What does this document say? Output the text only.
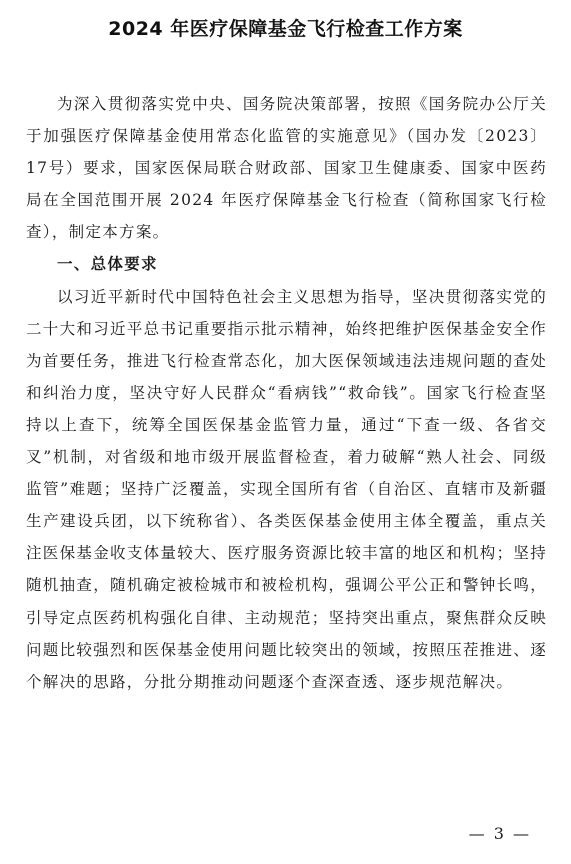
2024 年医疗保障基金飞行检查工作方案

为深入贯彻落实党中央、国务院决策部署，按照《国务院办公厅关于加强医疗保障基金使用常态化监管的实施意见》（国办发〔2023〕17号）要求，国家医保局联合财政部、国家卫生健康委、国家中医药局在全国范围开展 2024 年医疗保障基金飞行检查（简称国家飞行检查），制定本方案。

一、总体要求

以习近平新时代中国特色社会主义思想为指导，坚决贯彻落实党的二十大和习近平总书记重要指示批示精神，始终把维护医保基金安全作为首要任务，推进飞行检查常态化，加大医保领域违法违规问题的查处和纠治力度，坚决守好人民群众“看病钱”“救命钱”。国家飞行检查坚持以上查下，统筹全国医保基金监管力量，通过“下查一级、各省交叉”机制，对省级和地市级开展监督检查，着力破解“熟人社会、同级监管”难题；坚持广泛覆盖，实现全国所有省（自治区、直辖市及新疆生产建设兵团，以下统称省）、各类医保基金使用主体全覆盖，重点关注医保基金收支体量较大、医疗服务资源比较丰富的地区和机构；坚持随机抽查，随机确定被检城市和被检机构，强调公平公正和警钟长鸣，引导定点医药机构强化自律、主动规范；坚持突出重点，聚焦群众反映问题比较强烈和医保基金使用问题比较突出的领域，按照压茬推进、逐个解决的思路，分批分期推动问题逐个查深查透、逐步规范解决。

— 3 —
